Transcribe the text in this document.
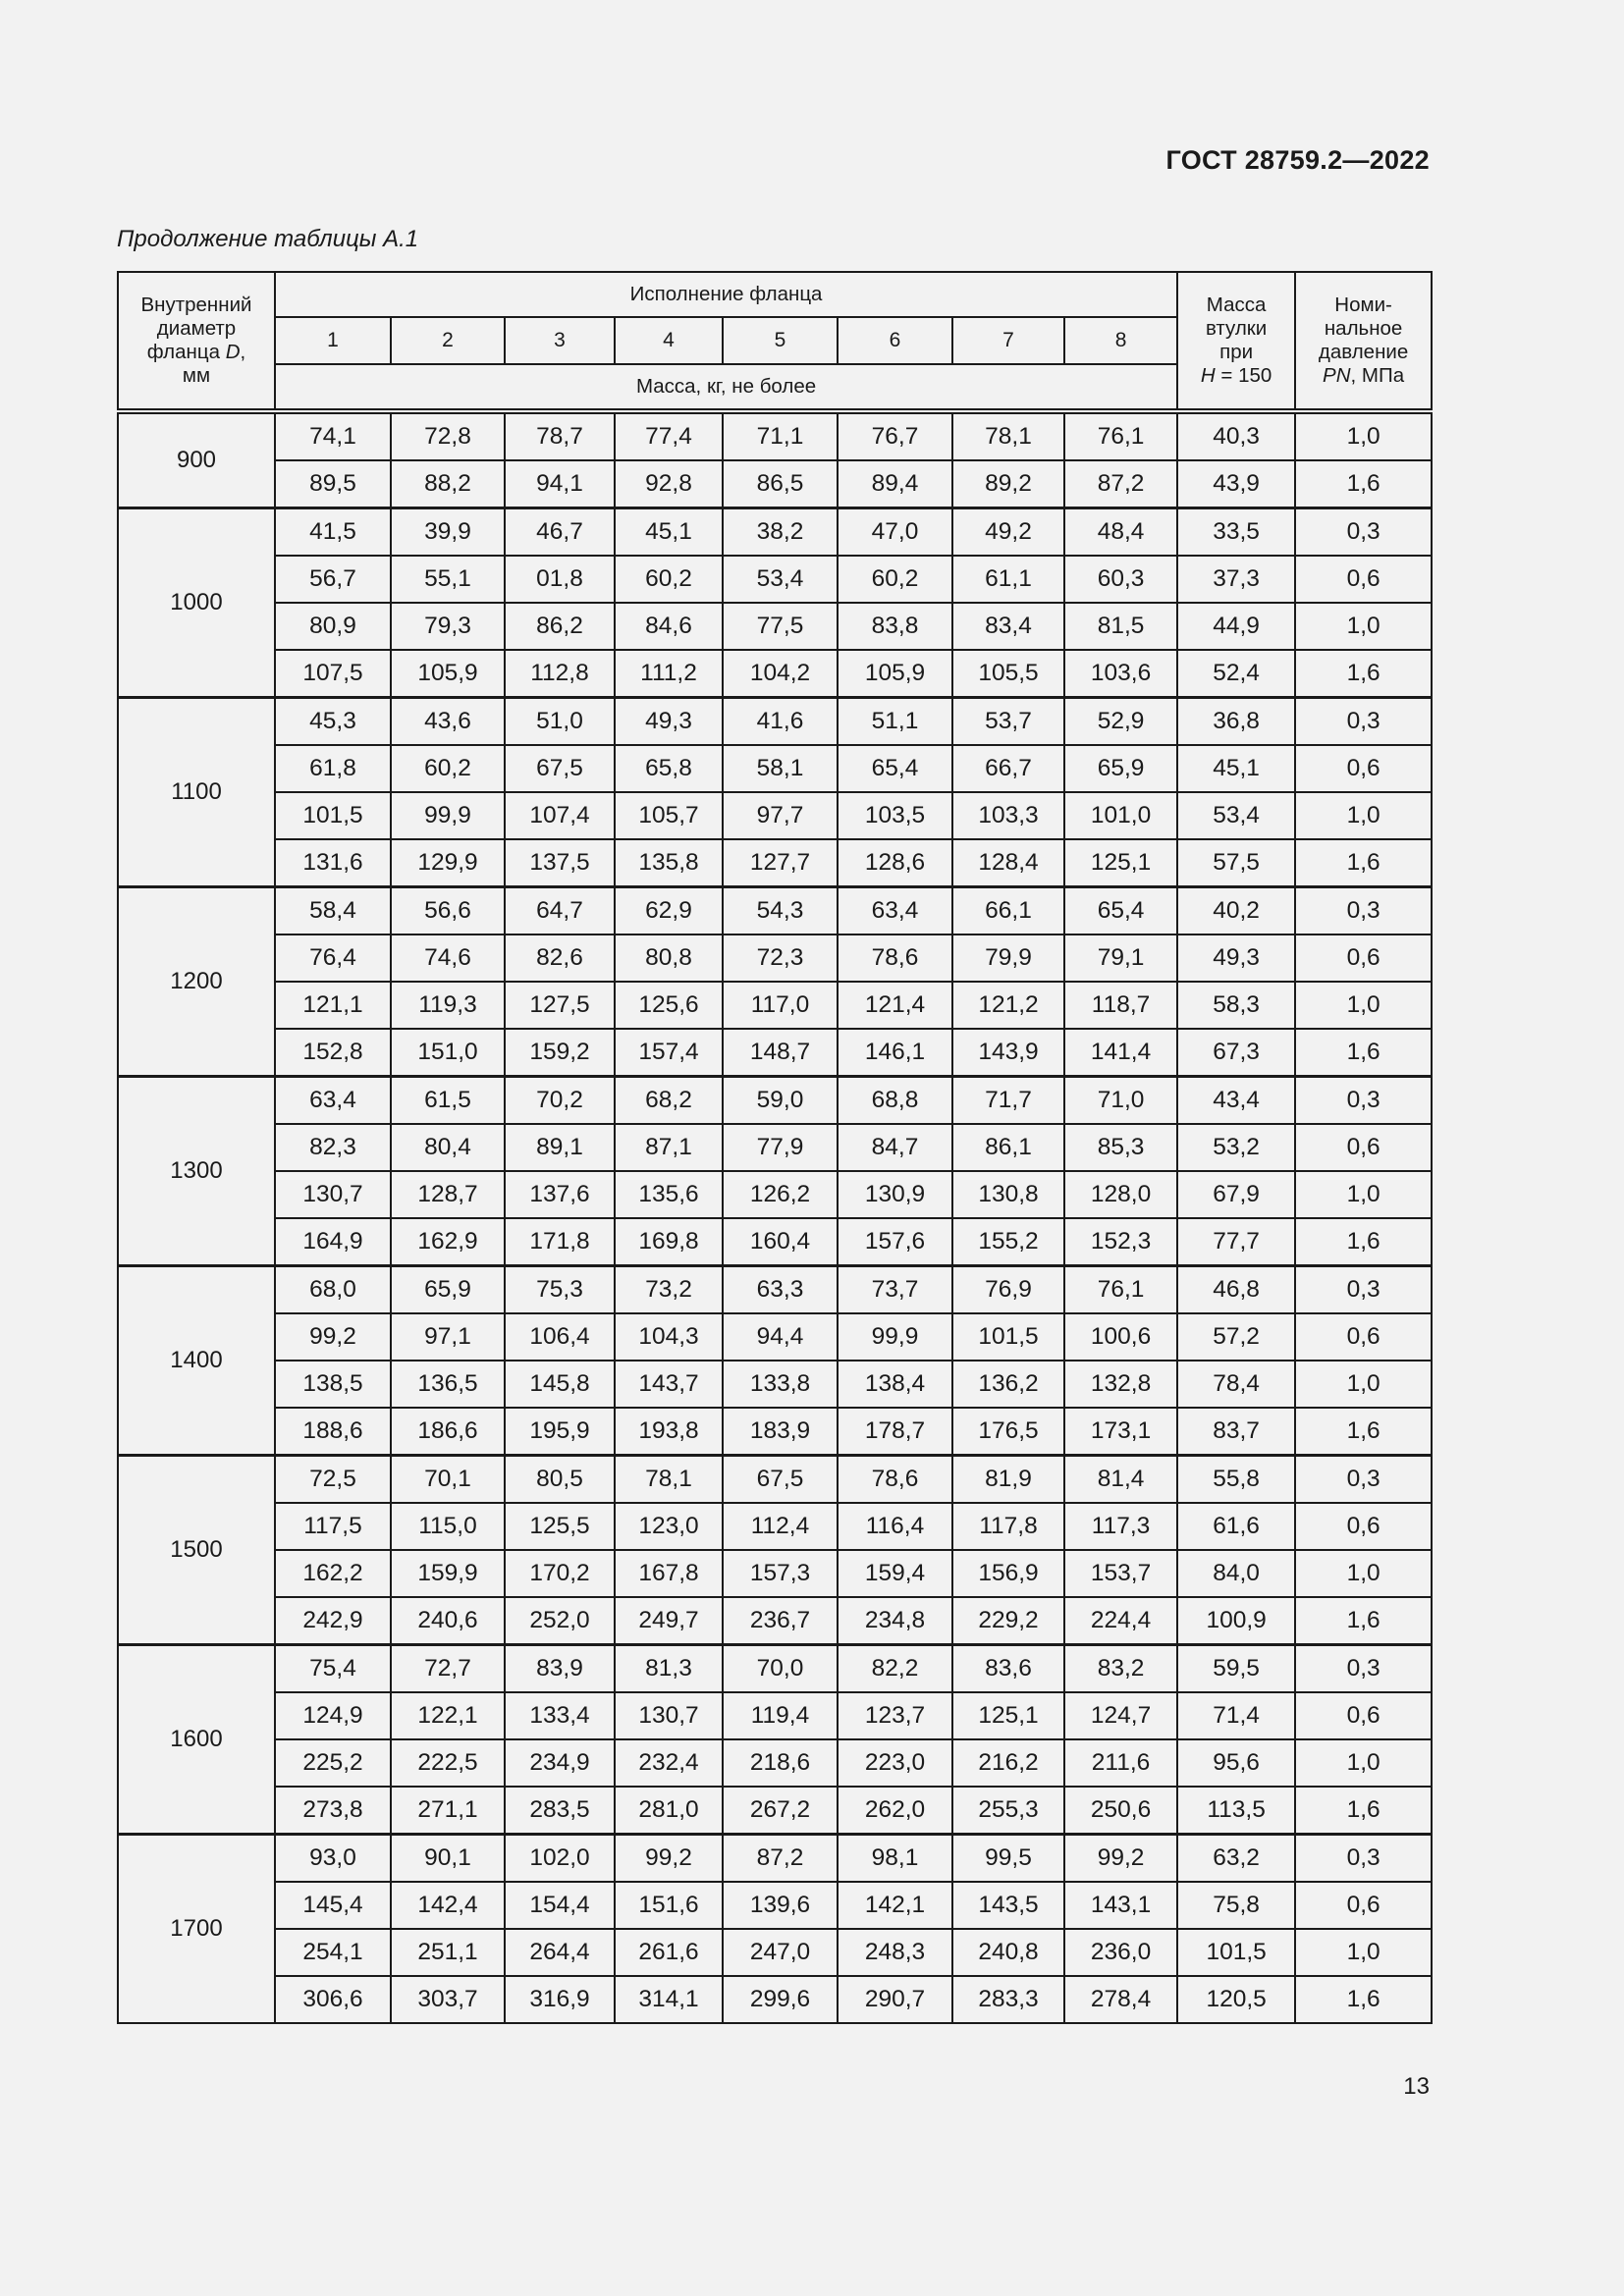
ГОСТ 28759.2—2022
Продолжение таблицы А.1
Внутренний
диаметр
фланца D,
мм	Исполнение фланца								Масса
втулки
при
H = 150	Номи-
нальное
давление
PN, МПа
	1	2	3	4	5	6	7	8		
	Масса, кг, не более									
900	74,1	72,8	78,7	77,4	71,1	76,7	78,1	76,1	40,3	1,0
	89,5	88,2	94,1	92,8	86,5	89,4	89,2	87,2	43,9	1,6
1000	41,5	39,9	46,7	45,1	38,2	47,0	49,2	48,4	33,5	0,3
	56,7	55,1	01,8	60,2	53,4	60,2	61,1	60,3	37,3	0,6
	80,9	79,3	86,2	84,6	77,5	83,8	83,4	81,5	44,9	1,0
	107,5	105,9	112,8	111,2	104,2	105,9	105,5	103,6	52,4	1,6
1100	45,3	43,6	51,0	49,3	41,6	51,1	53,7	52,9	36,8	0,3
	61,8	60,2	67,5	65,8	58,1	65,4	66,7	65,9	45,1	0,6
	101,5	99,9	107,4	105,7	97,7	103,5	103,3	101,0	53,4	1,0
	131,6	129,9	137,5	135,8	127,7	128,6	128,4	125,1	57,5	1,6
1200	58,4	56,6	64,7	62,9	54,3	63,4	66,1	65,4	40,2	0,3
	76,4	74,6	82,6	80,8	72,3	78,6	79,9	79,1	49,3	0,6
	121,1	119,3	127,5	125,6	117,0	121,4	121,2	118,7	58,3	1,0
	152,8	151,0	159,2	157,4	148,7	146,1	143,9	141,4	67,3	1,6
1300	63,4	61,5	70,2	68,2	59,0	68,8	71,7	71,0	43,4	0,3
	82,3	80,4	89,1	87,1	77,9	84,7	86,1	85,3	53,2	0,6
	130,7	128,7	137,6	135,6	126,2	130,9	130,8	128,0	67,9	1,0
	164,9	162,9	171,8	169,8	160,4	157,6	155,2	152,3	77,7	1,6
1400	68,0	65,9	75,3	73,2	63,3	73,7	76,9	76,1	46,8	0,3
	99,2	97,1	106,4	104,3	94,4	99,9	101,5	100,6	57,2	0,6
	138,5	136,5	145,8	143,7	133,8	138,4	136,2	132,8	78,4	1,0
	188,6	186,6	195,9	193,8	183,9	178,7	176,5	173,1	83,7	1,6
1500	72,5	70,1	80,5	78,1	67,5	78,6	81,9	81,4	55,8	0,3
	117,5	115,0	125,5	123,0	112,4	116,4	117,8	117,3	61,6	0,6
	162,2	159,9	170,2	167,8	157,3	159,4	156,9	153,7	84,0	1,0
	242,9	240,6	252,0	249,7	236,7	234,8	229,2	224,4	100,9	1,6
1600	75,4	72,7	83,9	81,3	70,0	82,2	83,6	83,2	59,5	0,3
	124,9	122,1	133,4	130,7	119,4	123,7	125,1	124,7	71,4	0,6
	225,2	222,5	234,9	232,4	218,6	223,0	216,2	211,6	95,6	1,0
	273,8	271,1	283,5	281,0	267,2	262,0	255,3	250,6	113,5	1,6
1700	93,0	90,1	102,0	99,2	87,2	98,1	99,5	99,2	63,2	0,3
	145,4	142,4	154,4	151,6	139,6	142,1	143,5	143,1	75,8	0,6
	254,1	251,1	264,4	261,6	247,0	248,3	240,8	236,0	101,5	1,0
	306,6	303,7	316,9	314,1	299,6	290,7	283,3	278,4	120,5	1,6
13
